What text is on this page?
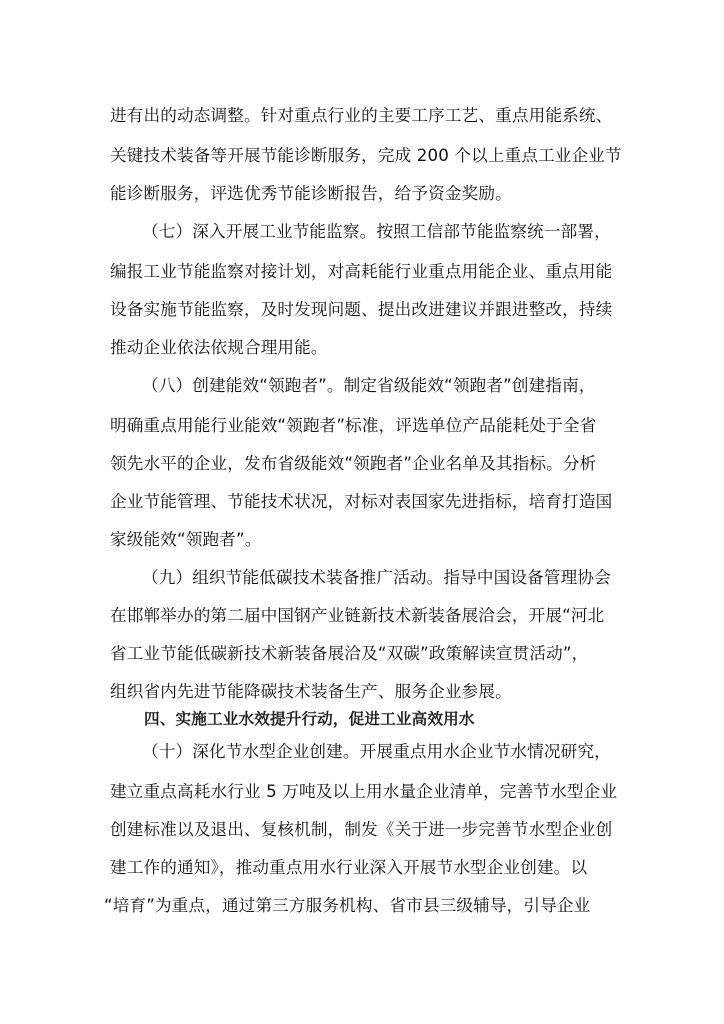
进有出的动态调整。针对重点行业的主要工序工艺、重点用能系统、
关键技术装备等开展节能诊断服务，完成 200 个以上重点工业企业节
能诊断服务，评选优秀节能诊断报告，给予资金奖励。
（七）深入开展工业节能监察。按照工信部节能监察统一部署，
编报工业节能监察对接计划，对高耗能行业重点用能企业、重点用能
设备实施节能监察，及时发现问题、提出改进建议并跟进整改，持续
推动企业依法依规合理用能。
（八）创建能效“领跑者”。制定省级能效“领跑者”创建指南，
明确重点用能行业能效“领跑者”标准，评选单位产品能耗处于全省
领先水平的企业，发布省级能效“领跑者”企业名单及其指标。分析
企业节能管理、节能技术状况，对标对表国家先进指标，培育打造国
家级能效“领跑者”。
（九）组织节能低碳技术装备推广活动。指导中国设备管理协会
在邯郸举办的第二届中国钢产业链新技术新装备展洽会，开展“河北
省工业节能低碳新技术新装备展洽及“双碳”政策解读宣贯活动”，
组织省内先进节能降碳技术装备生产、服务企业参展。
四、实施工业水效提升行动，促进工业高效用水
（十）深化节水型企业创建。开展重点用水企业节水情况研究，
建立重点高耗水行业 5 万吨及以上用水量企业清单，完善节水型企业
创建标准以及退出、复核机制，制发《关于进一步完善节水型企业创
建工作的通知》，推动重点用水行业深入开展节水型企业创建。以
“培育”为重点，通过第三方服务机构、省市县三级辅导，引导企业
